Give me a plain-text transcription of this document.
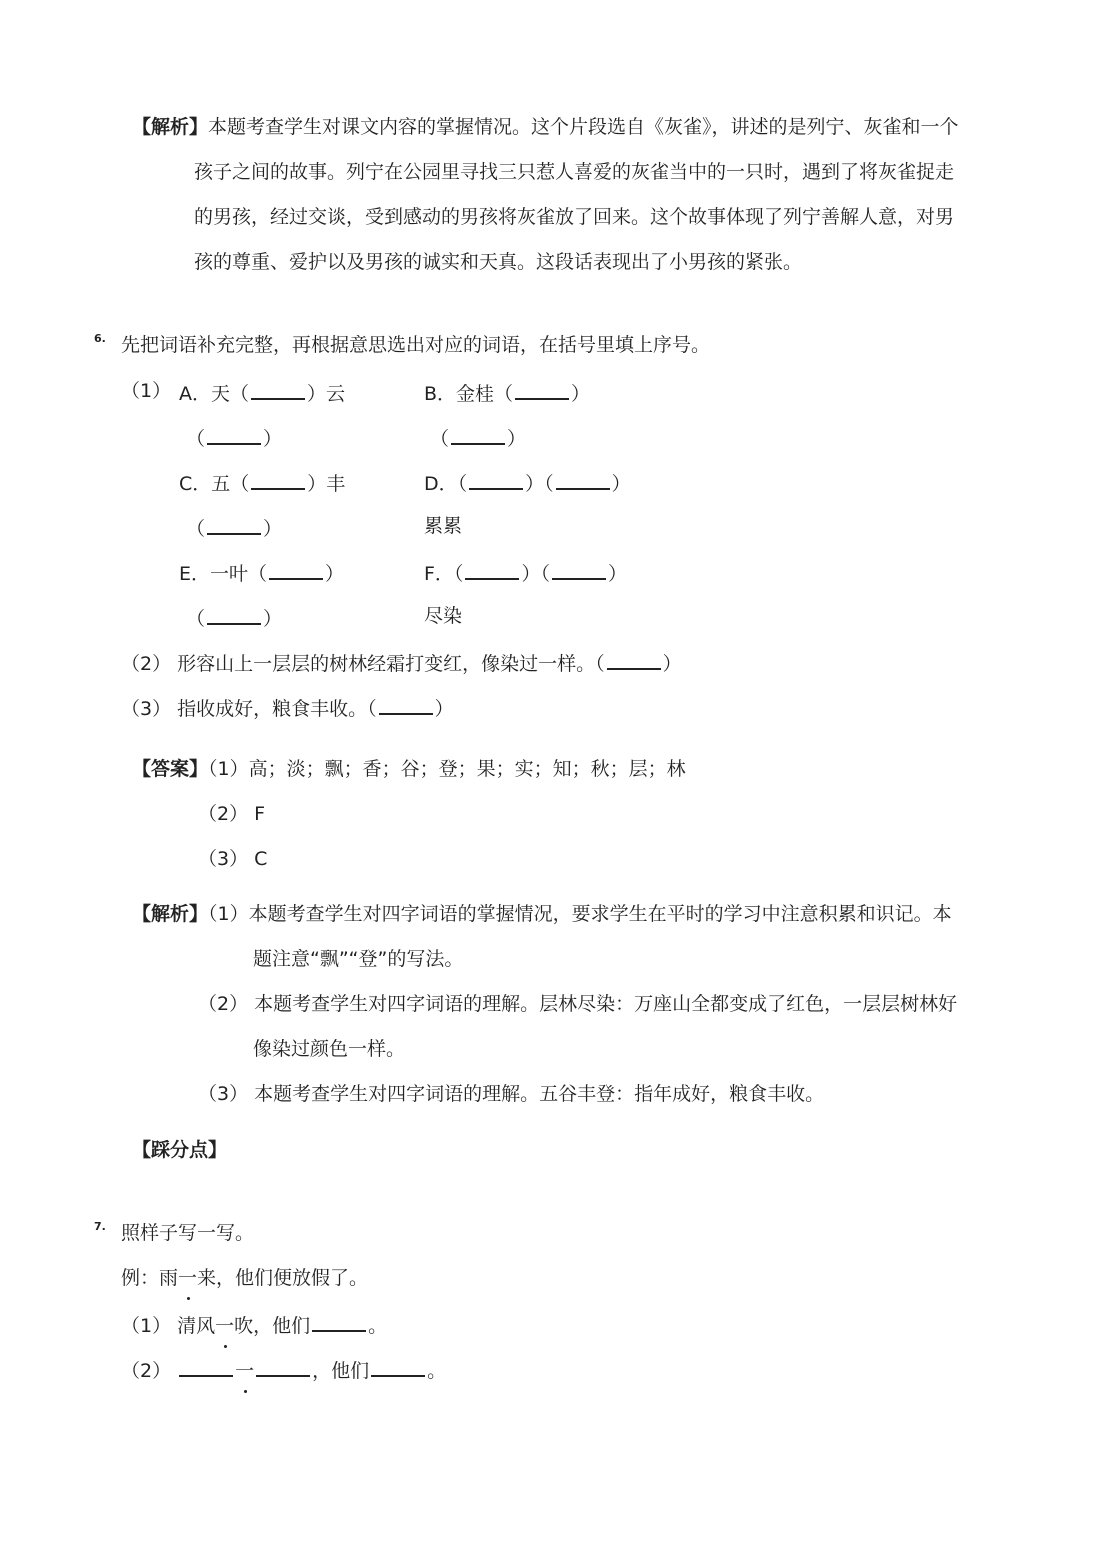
【解析】本题考查学生对课文内容的掌握情况。这个片段选自《灰雀》，讲述的是列宁、灰雀和一个
孩子之间的故事。列宁在公园里寻找三只惹人喜爱的灰雀当中的一只时，遇到了将灰雀捉走
的男孩，经过交谈，受到感动的男孩将灰雀放了回来。这个故事体现了列宁善解人意，对男
孩的尊重、爱护以及男孩的诚实和天真。这段话表现出了小男孩的紧张。
6. 先把词语补充完整，再根据意思选出对应的词语，在括号里填上序号。
（1） A．天（	）云	B．金桂（	）
（	）	（	）
C．五（	）丰	D．（	）（	）
（	）	累累
E．一叶（	）	F．（	）（	）
（	）	尽染
（2） 形容山上一层层的树林经霜打变红，像染过一样。（	）
（3） 指收成好，粮食丰收。（	）
【答案】（1）高；淡；飘；香；谷；登；果；实；知；秋；层；林
（2） F
（3） C
【解析】（1）本题考查学生对四字词语的掌握情况，要求学生在平时的学习中注意积累和识记。本
题注意“飘”“登”的写法。
（2） 本题考查学生对四字词语的理解。层林尽染：万座山全都变成了红色，一层层树林好
像染过颜色一样。
（3） 本题考查学生对四字词语的理解。五谷丰登：指年成好，粮食丰收。
【踩分点】
7. 照样子写一写。
例：雨一来，他们便放假了。
（1） 清风一吹，他们	。
（2）	一	，他们	。
